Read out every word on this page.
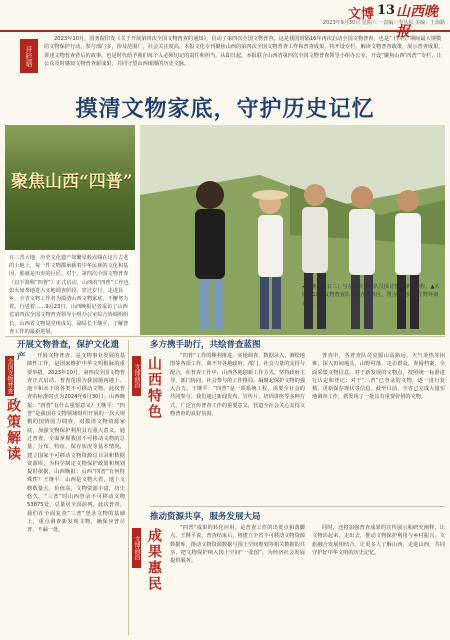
文博 13 山西晚报
2023年9月30日 星期六 一责编：李丛松 美编：王海路
开栏语
2023年10月，国务院印发《关于开展第四次全国文物普查的通知》，启动了第四次全国文物普查。这是我国时隔16年再次启动全国文物普查，也是“十四五”期间最大规模的文物保护行动，参与部门多，涉及范围广，社会关注度高。本报文化专刊聚焦山西的第四次全国文物普查工作和普查成果，特开设专栏，解读文物普查政策，展示普查成果，讲述文物普查背后的故事，也是时代给予我们每个人必须切记的责任和担当。从即日起，本报联合山西省第四次全国文物普查领导小组办公室，开设“聚焦山西‘四普’”专栏，让公众及时感知文物普查新成果，共同守望山西璀璨的历史文脉。
摸清文物家底，守护历史记忆
聚焦山西“四普”
在三晋大地，历史文化遗产如繁星般点缀在这片古老的土地上，每一件文物都承载着中华民族的文化和基因。那就是历史的巨匠。对于，第四次全国文物普查（以下简称“四普”）正式启动，山西的“四普”工作也如火如荼地进入实地调查阶段。穿过岁月，走进县乡，全省文物工作者为摸清山西文物家底，不懈努力着。行进着……9月23日，山西晚报记者采访了山西省第四次全国文物普查领导小组办公室综合协调组组长，山西省文物局党组成员、副局长王继平，了解普查工作的最新进展。
◀王继平（右二）与左权县普查队员探讨普查操作规程。▲大同有10支文物普查队伍联在各县区，图为普查队员在野外调查中。
开展文物普查，保护文化遗产
全国文物普查
政策解读
开展文物普查，是文物事业发展的基础性工作，是国家维护中华文明根脉的重要举措。2023年10月，第四次全国文物普查正式启动。普查范围为我国境内地上、地下和水下的各类不可移动文物。此次普查的标准时点为2024年6月30日。山西晚报：“四普”有什么重要意义？王继平：“四普”是我国在文物领域组织开展的一次大规模的国情国力调查，对摸清文物资源家底，加强文物保护利用具有重大意义。通过普查，全面掌握我国不可移动文物的总量、分布、特征、保存状况等基本情况，建立国家不可移动文物资源总目录和数据资源库，为科学制定文物保护政策和规划提供依据。山西晚报：山西“四普”有何特殊性？王继平：山西是文物大省，地上文物数量大、价值高，文物资源丰富，历史悠久。“三普”时山西登录不可移动文物53875处，总量居全国前列。此次普查，我们在全面复查“三普”登录文物的基础上，重点调查新发现文物，确保应普尽普、不漏一处。
多方携手助行，共绘普查蓝图
文博前沿 山西特色	“四普”工作的顺利推进，实地调查、数据录入、测绘地图等各项工作，离不开各地政府、部门、社会力量的支持与配合。在普查工作中，山西各地创新工作方式，坚持政府主导、部门协同、社会参与的工作格局，凝聚起保护文物的强大合力。王继平：“四普”是一项系统工程，需要全社会的共同参与。我们通过新闻发布、宣传片、培训讲座等多种方式，广泛宣传普查工作的重要意义，营造全社会关心支持文物普查的良好氛围。
普查中，各普查队员克服山高路远、天气炎热等困难，深入田间地头、山野村落，走访群众，查阅档案，全面采集文物信息。对于新发现的文物点，按照统一标准进行认定和登记；对于“三普”已登录的文物，逐一进行复核，更新保存现状等信息。截至目前，全省已完成大量实地调查工作，新发现了一批具有重要价值的文物。
推动资源共享，服务发展大局
文博前沿 成果惠民	“四普”成果的转化应用，是普查工作的出发点和落脚点。王继平说，普查结束后，将建立全省不可移动文物资源数据库，推动文物资源数据与国土空间规划等相关数据的共享，把文物保护纳入国土空间“一张图”，为经济社会发展提供服务。
同时，还将加强普查成果的宣传展示和研究阐释，让文物活起来、走出去，推动文物保护利用与乡村振兴、文旅融合发展相结合，让更多人了解山西、走进山西，共同守护好中华文明的历史记忆。
